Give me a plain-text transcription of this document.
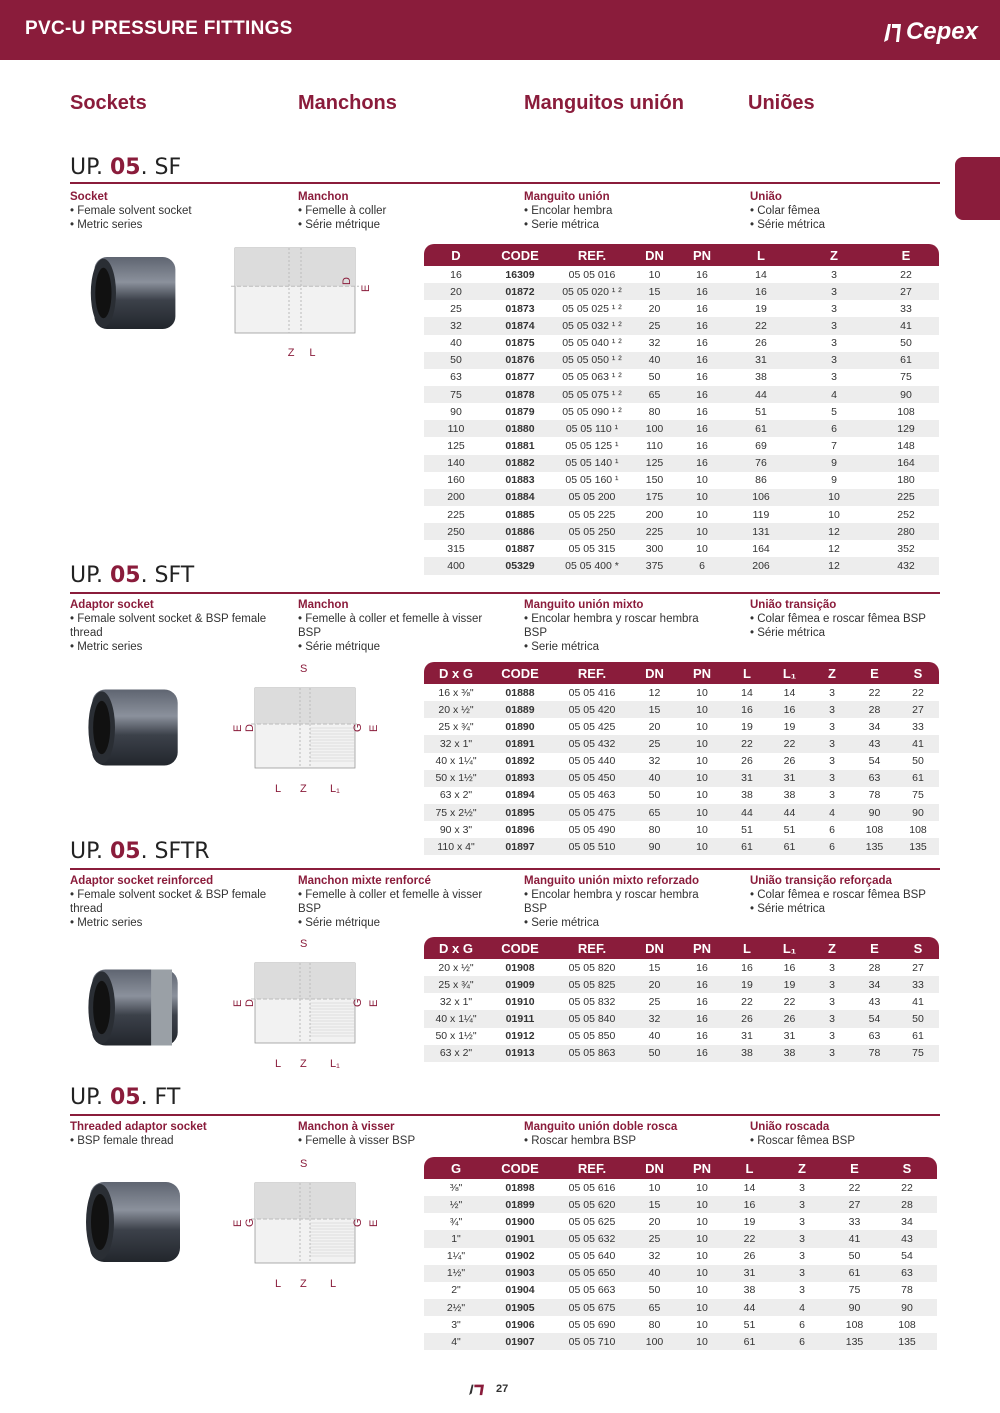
PVC-U PRESSURE FITTINGS	Cepex
Sockets	Manchons	Manguitos unión	Uniões
UP. 05. SF
Socket
• Female solvent socket
• Metric series
Manchon
• Femelle à coller
• Série métrique
Manguito unión
• Encolar hembra
• Serie métrica
União
• Colar fêmea
• Série métrica
D
E
Z L
D	CODE	REF.	DN	PN	L	Z	E
16	16309	05 05 016	10	16	14	3	22
20	01872	05 05 020 ¹ ²	15	16	16	3	27
25	01873	05 05 025 ¹ ²	20	16	19	3	33
32	01874	05 05 032 ¹ ²	25	16	22	3	41
40	01875	05 05 040 ¹ ²	32	16	26	3	50
50	01876	05 05 050 ¹ ²	40	16	31	3	61
63	01877	05 05 063 ¹ ²	50	16	38	3	75
75	01878	05 05 075 ¹ ²	65	16	44	4	90
90	01879	05 05 090 ¹ ²	80	16	51	5	108
110	01880	05 05 110 ¹	100	16	61	6	129
125	01881	05 05 125 ¹	110	16	69	7	148
140	01882	05 05 140 ¹	125	16	76	9	164
160	01883	05 05 160 ¹	150	10	86	9	180
200	01884	05 05 200	175	10	106	10	225
225	01885	05 05 225	200	10	119	10	252
250	01886	05 05 250	225	10	131	12	280
315	01887	05 05 315	300	10	164	12	352
400	05329	05 05 400 *	375	6	206	12	432
UP. 05. SFT
Adaptor socket
• Female solvent socket & BSP female thread
• Metric series
Manchon
• Femelle à coller et femelle à visser BSP
• Série métrique
Manguito unión mixto
• Encolar hembra y roscar hembra BSP
• Serie métrica
União transição
• Colar fêmea e roscar fêmea BSP
• Série métrica
S
E D	G E
L Z L₁
D x G	CODE	REF.	DN	PN	L	L₁	Z	E	S
16 x ⅜"	01888	05 05 416	12	10	14	14	3	22	22
20 x ½"	01889	05 05 420	15	10	16	16	3	28	27
25 x ¾"	01890	05 05 425	20	10	19	19	3	34	33
32 x 1"	01891	05 05 432	25	10	22	22	3	43	41
40 x 1¼"	01892	05 05 440	32	10	26	26	3	54	50
50 x 1½"	01893	05 05 450	40	10	31	31	3	63	61
63 x 2"	01894	05 05 463	50	10	38	38	3	78	75
75 x 2½"	01895	05 05 475	65	10	44	44	4	90	90
90 x 3"	01896	05 05 490	80	10	51	51	6	108	108
110 x 4"	01897	05 05 510	90	10	61	61	6	135	135
UP. 05. SFTR
Adaptor socket reinforced
• Female solvent socket & BSP female thread
• Metric series
Manchon mixte renforcé
• Femelle à coller et femelle à visser BSP
• Série métrique
Manguito unión mixto reforzado
• Encolar hembra y roscar hembra BSP
• Serie métrica
União transição reforçada
• Colar fêmea e roscar fêmea BSP
• Série métrica
S
E D	G E
L Z L₁
D x G	CODE	REF.	DN	PN	L	L₁	Z	E	S
20 x ½"	01908	05 05 820	15	16	16	16	3	28	27
25 x ¾"	01909	05 05 825	20	16	19	19	3	34	33
32 x 1"	01910	05 05 832	25	16	22	22	3	43	41
40 x 1¼"	01911	05 05 840	32	16	26	26	3	54	50
50 x 1½"	01912	05 05 850	40	16	31	31	3	63	61
63 x 2"	01913	05 05 863	50	16	38	38	3	78	75
UP. 05. FT
Threaded adaptor socket
• BSP female thread
Manchon à visser
• Femelle à visser BSP
Manguito unión doble rosca
• Roscar hembra BSP
União roscada
• Roscar fêmea BSP
S
E G	G E
L Z L
G	CODE	REF.	DN	PN	L	Z	E	S
⅜"	01898	05 05 616	10	10	14	3	22	22
½"	01899	05 05 620	15	10	16	3	27	28
¾"	01900	05 05 625	20	10	19	3	33	34
1"	01901	05 05 632	25	10	22	3	41	43
1¼"	01902	05 05 640	32	10	26	3	50	54
1½"	01903	05 05 650	40	10	31	3	61	63
2"	01904	05 05 663	50	10	38	3	75	78
2½"	01905	05 05 675	65	10	44	4	90	90
3"	01906	05 05 690	80	10	51	6	108	108
4"	01907	05 05 710	100	10	61	6	135	135
27
